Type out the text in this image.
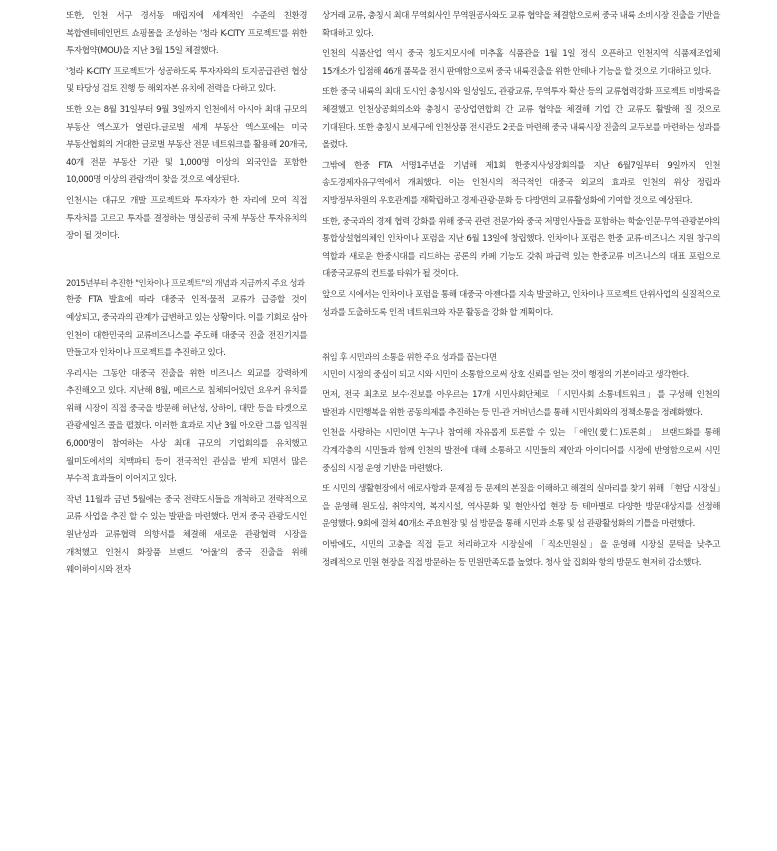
또한, 인천 서구 경서동 매립지에 세계적인 수준의 친환경 복합엔테테인먼트 쇼핑몰을 조성하는 '청라 K-CITY 프로젝트'를 위한 투자협약(MOU)을 지난 3월 15일 체결했다.

'청라 K-CITY 프로젝트'가 성공하도록 투자자와의 토지공급관련 협상 및 타당성 검토 진행 등 해외자본 유치에 전력을 다하고 있다.

또한 오는 8월 31일부터 9월 3일까지 인천에서 아시아 최대 규모의 부동산 엑스포가 열린다.글로벌 세계 부동산 엑스포에는 미국 부동산협회의 거대한 글로벌 부동산 전문 네트워크를 활용해 20개국, 40개 전문 부동산 기관 및 1,000명 이상의 외국인을 포함한 10,000명 이상의 관람객이 찾을 것으로 예상된다.

인천시는 대규모 개발 프로젝트와 투자자가 한 자리에 모여 직접 투자처를 고르고 투자를 결정하는 명실공히 국제 부동산 투자유치의 장이 될 것이다.

2015년부터 추진한 "인차이나 프로젝트"의 개념과 지금까지 주요 성과

한중 FTA 발효에 따라 대중국 인적·물적 교류가 급증할 것이 예상되고, 중국과의 관계가 급변하고 있는 상황이다. 이를 기회로 삼아 인천이 대한민국의 교류비즈니스를 주도해 대중국 진출 전진기지를 만들고자 인차이나 프로젝트를 추진하고 있다.

우리시는 그동안 대중국 진출을 위한 비즈니스 외교를 강력하게 추진해오고 있다. 지난해 8월, 메르스로 침체되어있던 요우커 유치를 위해 시장이 직접 중국을 방문해 허난성, 상하이, 대만 등을 타겟으로 관광세일즈 콜을 펼쳤다. 이러한 효과로 지난 3월 아오란 그룹 임직원 6,000명이 참여하는 사상 최대 규모의 기업회의를 유치했고 월미도에서의 치맥파티 등이 전국적인 관심을 받게 되면서 많은 부수적 효과들이 이어지고 있다.

작년 11월과 금년 5월에는 중국 전략도시들을 개척하고 전략적으로 교류 사업을 추진 할 수 있는 발판을 마련했다. 먼저 중국 관광도시인 원난성과 교류협력 의향서를 체결해 새로운 관광협력 시장을 개척했고 인천시 화장품 브랜드 '어울'의 중국 진출을 위해 웨이하이시와 전자

상거래 교류, 충칭시 최대 무역회사인 무역원공사와도 교류 협약을 체결함으로써 중국 내륙 소비시장 진출을 기반을 확대하고 있다.

인천의 식품산업 역시 중국 칭도지모시에 미추홀 식품관을 1월 1일 정식 오픈하고 인천지역 식품제조업체 15개소가 입점해 46개 품목을 전시 판매함으로써 중국 내륙진출을 위한 안테나 기능을 할 것으로 기대하고 있다.

또한 중국 내륙의 최대 도시인 충칭시와 일성일도, 관광교류, 무역투자 확산 등의 교류협력강화 프로젝트 비방록을 체결했고 인천상공회의소와 충칭시 공상업연합회 간 교류 협약을 체결해 기업 간 교류도 활발해 질 것으로 기대된다. 또한 충칭시 보세구에 인천상품 전시관도 2곳을 마련해 중국 내륙시장 진출의 교두보를 마련하는 성과를 올렸다.

그밖에 한중 FTA 서명1주년을 기념해 제1회 한중지사성장회의를 지난 6월7일부터 9일까지 인천 송도경제자유구역에서 개최했다. 이는 인천시의 적극적인 대중국 외교의 효과로 인천의 위상 정립과 지방정부차원의 우호관계를 재확립하고 경제·관광·문화 등 다방면의 교류활성화에 기여할 것으로 예상된다.

또한, 중국과의 경제 협력 강화를 위해 중국 관련 전문가와 중국 저명인사들을 포함하는 학술·인문·무역·관광분야의 통합상설협의체인 인차이나 포럼을 지난 6월 13일에 창립했다. 인차이나 포럼은 한중 교류·비즈니스 지원 창구의 역할과 새로운 한중시대를 리드하는 공론의 카페 기능도 갖춰 파급력 있는 한중교류 비즈니스의 대표 포럼으로 대중국교류의 컨트롤 타워가 될 것이다.

앞으로 시에서는 인차이나 포럼을 통해 대중국 아젠다를 지속 발굴하고, 인차이나 프로젝트 단위사업의 실질적으로 성과를 도출하도록 인적 네트워크와 자문 활동을 강화 할 계획이다.

취임 후 시민과의 소통을 위한 주요 성과를 꼽는다면

시민이 시정의 중심이 되고 시와 시민이 소통함으로써 상호 신뢰를 얻는 것이 행정의 기본이라고 생각한다.

먼저, 전국 최초로 보수·진보를 아우르는 17개 시민사회단체로 「시민사회 소통네트워크」를 구성해 인천의 발전과 시민행복을 위한 공동의제를 추진하는 등 민-관 거버넌스를 통해 시민사회와의 정책소통을 정례화했다.

인천을 사랑하는 시민이면 누구나 참여해 자유롭게 토론할 수 있는 「애인(愛仁)토론회」 브랜드화를 통해 각계각층의 시민들과 함께 인천의 발전에 대해 소통하고 시민들의 제안과 아이디어를 시정에 반영함으로써 시민 중심의 시정 운영 기반을 마련했다.

또 시민의 생활현장에서 애로사항과 문제점 등 문제의 본질을 이해하고 해결의 실마리를 찾기 위해 「현답 시장실」을 운영해 원도심, 취약지역, 복지시설, 역사문화 및 현안사업 현장 등 테마별로 다양한 방문대상지를 선정해 운영했다. 9회에 걸쳐 40개소 주요현장 및 섬 방문을 통해 시민과 소통 및 섬 관광활성화의 기틀을 마련했다.

이밖에도, 시민의 고충을 직접 듣고 처리하고자 시장실에 「직소민원실」을 운영해 시장실 문턱을 낮추고 정례적으로 민원 현장을 직접 방문하는 등 민원만족도를 높였다. 청사 앞 집회와 항의 방문도 현저히 감소했다.
